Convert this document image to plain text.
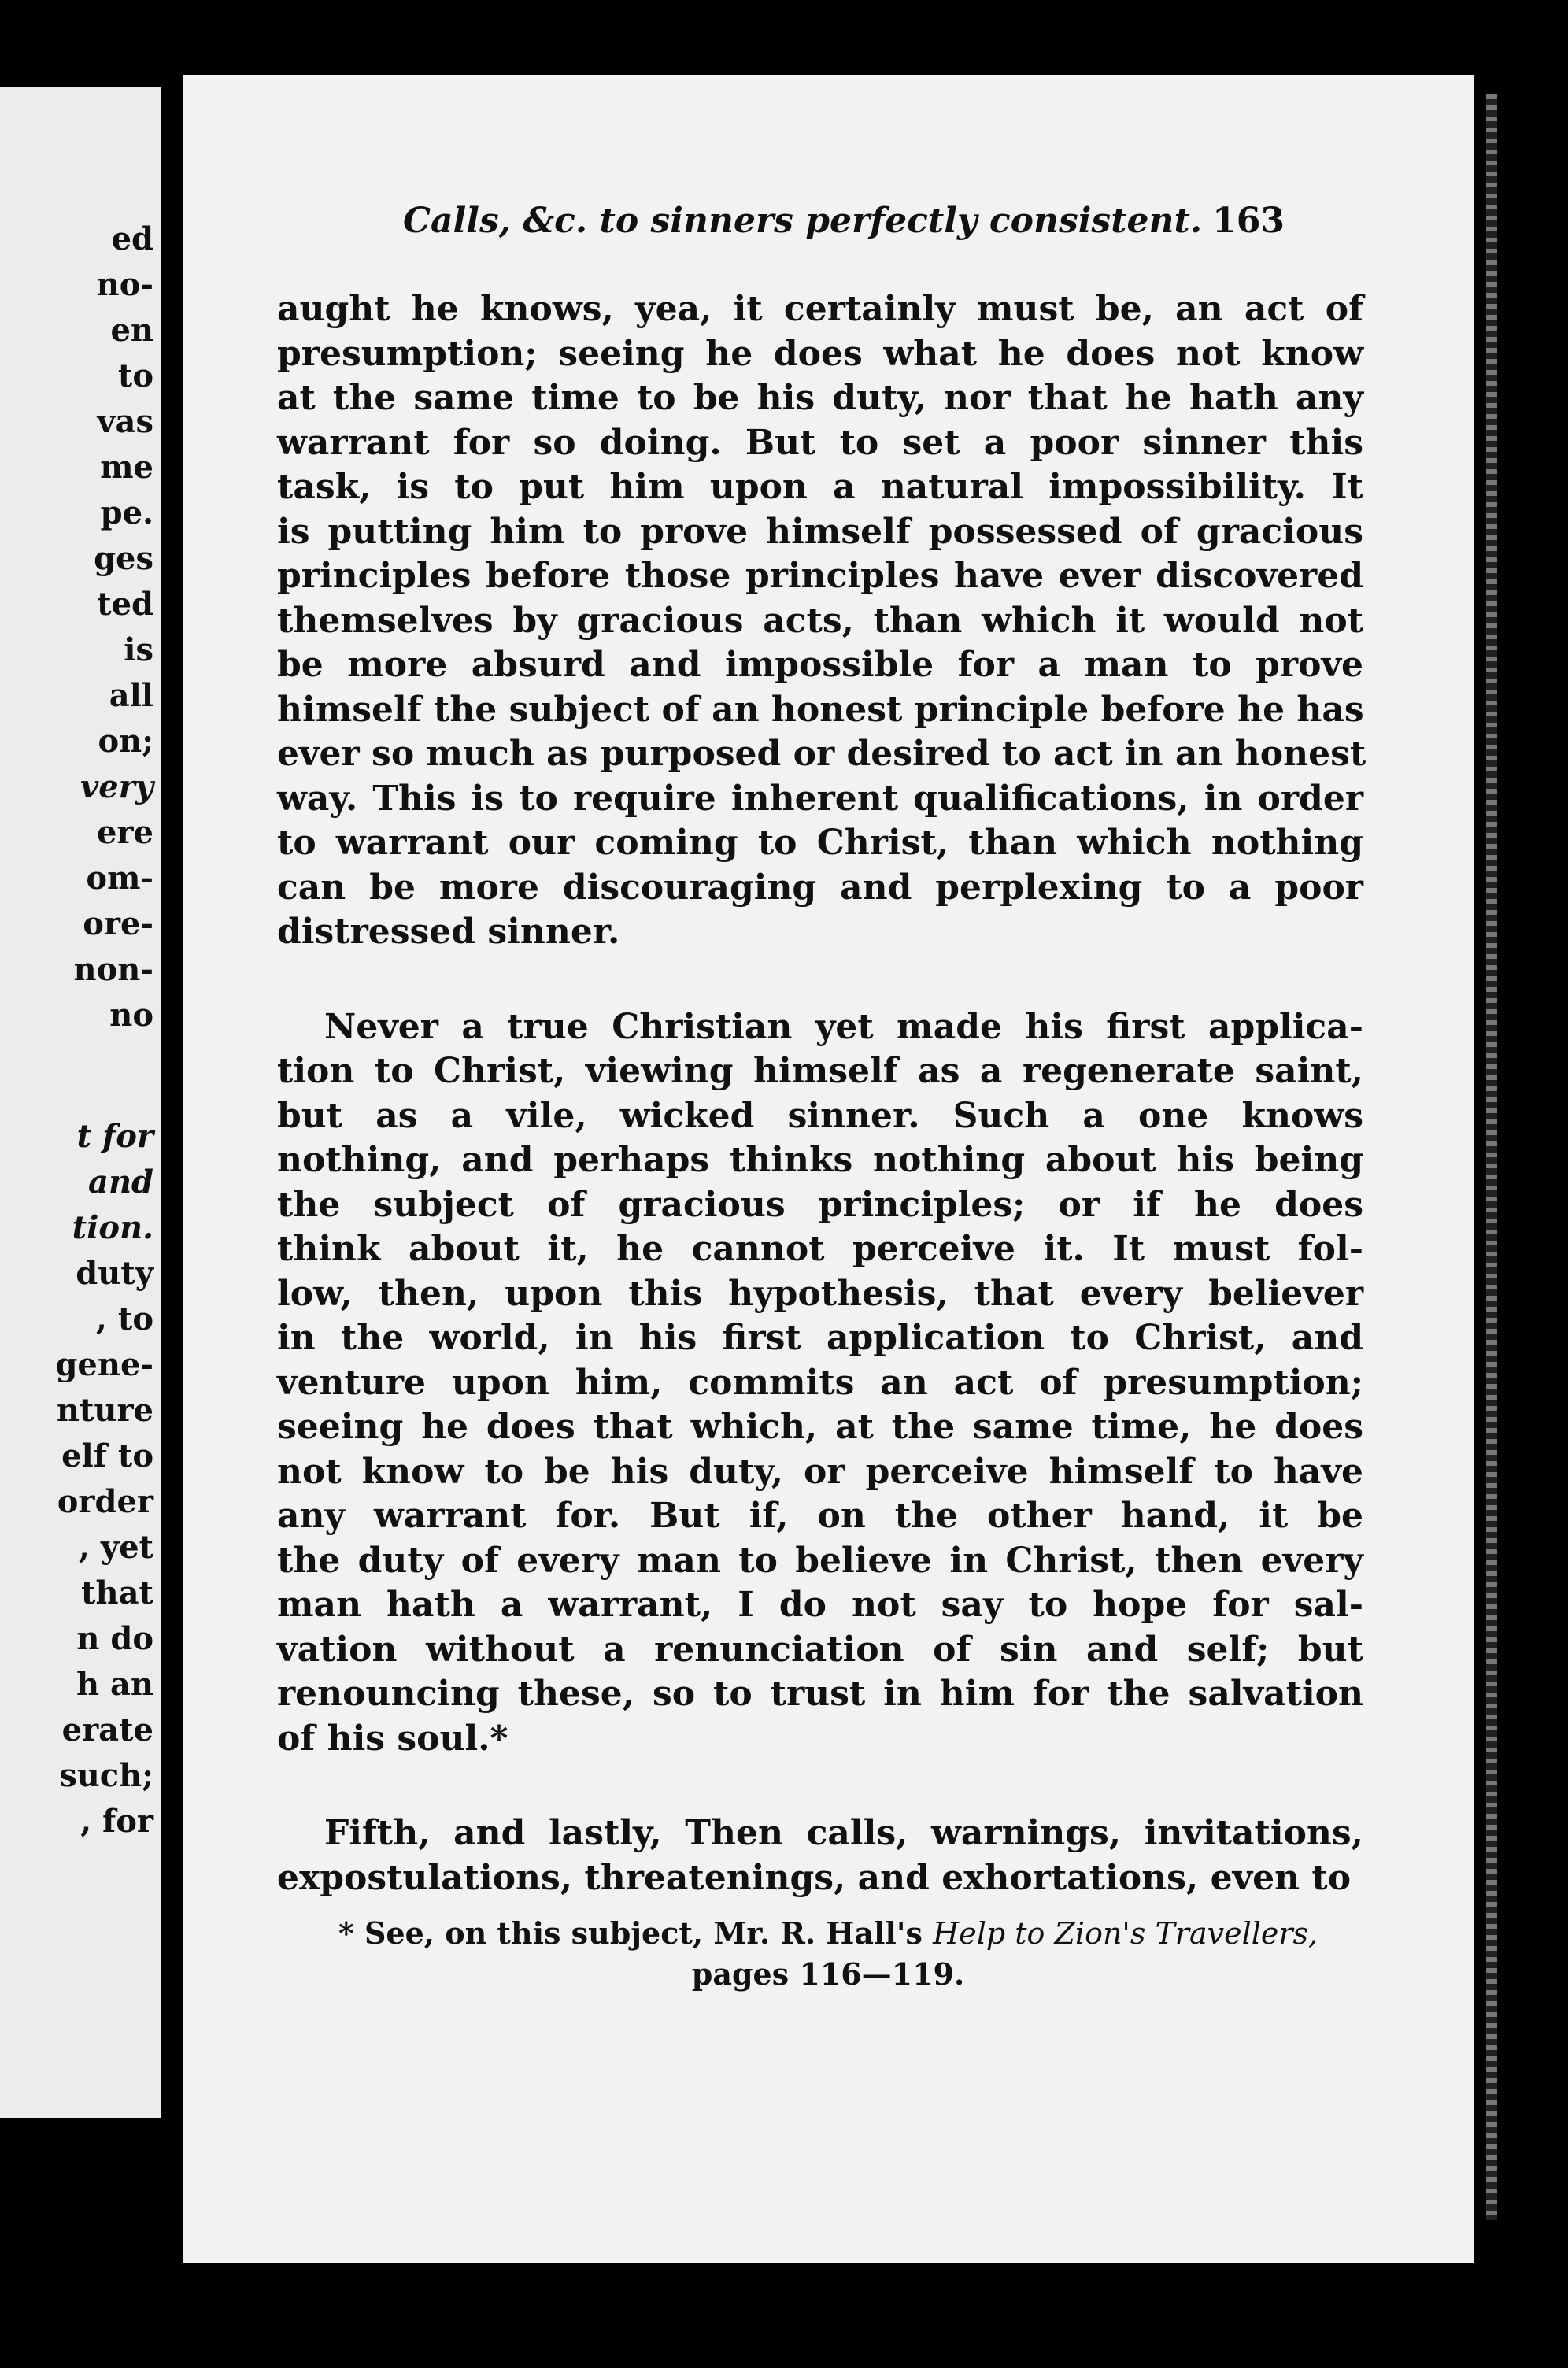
ed
no-
en
to
vas
me
pe.
ges
ted
is
all
on;
very
ere
om-
ore-
non-
no
t for
and
tion.
duty
, to
gene-
nture
elf to
order
, yet
that
n do
h an
erate
such;
, for
Calls, &c. to sinners perfectly consistent. 163
aught he knows, yea, it certainly must be, an act of
presumption; seeing he does what he does not know
at the same time to be his duty, nor that he hath any
warrant for so doing. But to set a poor sinner this
task, is to put him upon a natural impossibility. It
is putting him to prove himself possessed of gracious
principles before those principles have ever discovered
themselves by gracious acts, than which it would not
be more absurd and impossible for a man to prove
himself the subject of an honest principle before he has
ever so much as purposed or desired to act in an honest
way. This is to require inherent qualifications, in order
to warrant our coming to Christ, than which nothing
can be more discouraging and perplexing to a poor
distressed sinner.
Never a true Christian yet made his first applica-
tion to Christ, viewing himself as a regenerate saint,
but as a vile, wicked sinner. Such a one knows
nothing, and perhaps thinks nothing about his being
the subject of gracious principles; or if he does
think about it, he cannot perceive it. It must fol-
low, then, upon this hypothesis, that every believer
in the world, in his first application to Christ, and
venture upon him, commits an act of presumption;
seeing he does that which, at the same time, he does
not know to be his duty, or perceive himself to have
any warrant for. But if, on the other hand, it be
the duty of every man to believe in Christ, then every
man hath a warrant, I do not say to hope for sal-
vation without a renunciation of sin and self; but
renouncing these, so to trust in him for the salvation
of his soul.*
Fifth, and lastly, Then calls, warnings, invitations,
expostulations, threatenings, and exhortations, even to
* See, on this subject, Mr. R. Hall's Help to Zion's Travellers,
pages 116—119.
